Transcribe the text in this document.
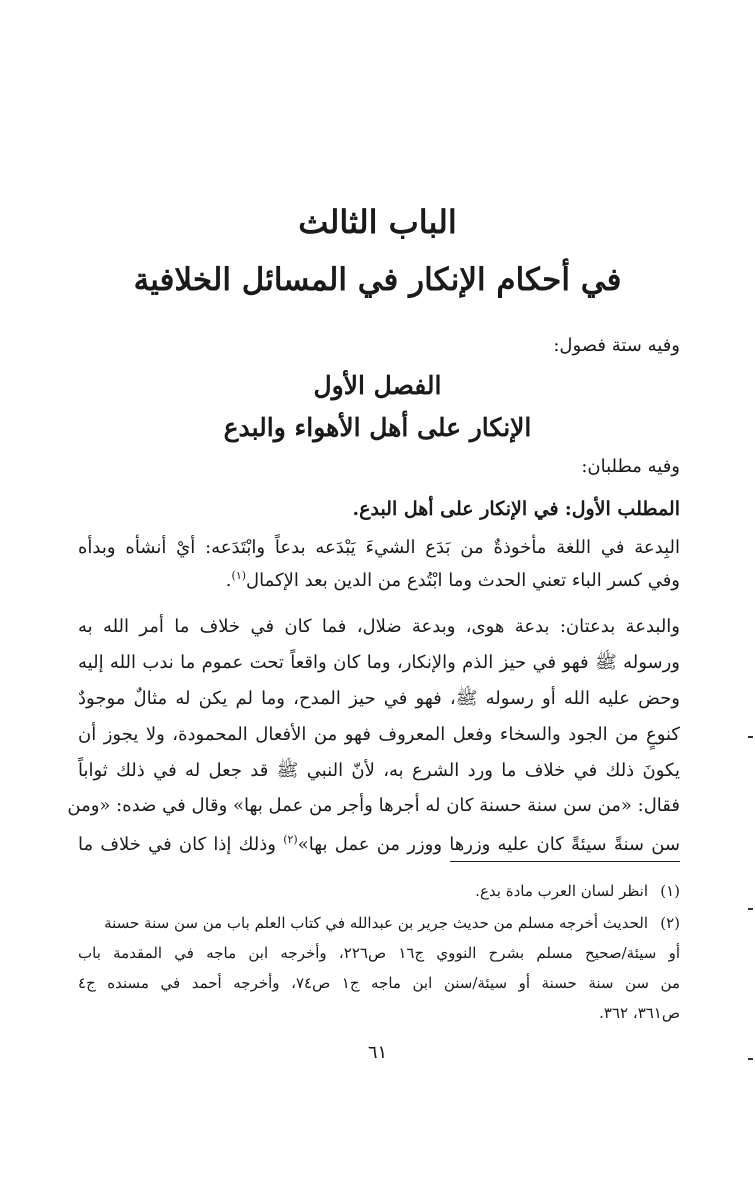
الباب الثالث
في أحكام الإنكار في المسائل الخلافية
وفيه ستة فصول:
الفصل الأول
الإنكار على أهل الأهواء والبدع
وفيه مطلبان:
المطلب الأول: في الإنكار على أهل البدع.
البِدعة في اللغة مأخوذةٌ من بَدَع الشيءَ يَبْدَعه بدعاً وابْتَدَعه: أيْ أنشأه وبدأه
وفي كسر الباء تعني الحدث وما ابْتُدع من الدين بعد الإكمال$^{(١)}$.
والبدعة بدعتان: بدعة هوى، وبدعة ضلال، فما كان في خلاف ما أمر الله به
ورسوله ﷺ فهو في حيز الذم والإنكار، وما كان واقعاً تحت عموم ما ندب الله إليه
وحض عليه الله أو رسوله ﷺ، فهو في حيز المدح، وما لم يكن له مثالٌ موجودٌ
كنوعٍ من الجود والسخاء وفعل المعروف فهو من الأفعال المحمودة، ولا يجوز أن
يكونَ ذلك في خلاف ما ورد الشرع به، لأنّ النبي ﷺ قد جعل له في ذلك ثواباً
فقال: «من سن سنة حسنة كان له أجرها وأجر من عمل بها» وقال في ضده: «ومن
سن سنةً سيئةً كان عليه وزرها ووزر من عمل بها»$^{(٢)}$ وذلك إذا كان في خلاف ما
(١)انظر لسان العرب مادة بدع.
(٢)الحديث أخرجه مسلم من حديث جرير بن عبدالله في كتاب العلم باب من سن سنة حسنة
أو سيئة/صحيح مسلم بشرح النووي ج١٦ ص٢٢٦، وأخرجه ابن ماجه في المقدمة باب
من سن سنة حسنة أو سيئة/سنن ابن ماجه ج١ ص٧٤، وأخرجه أحمد في مسنده ج٤
ص٣٦١، ٣٦٢.
٦١
